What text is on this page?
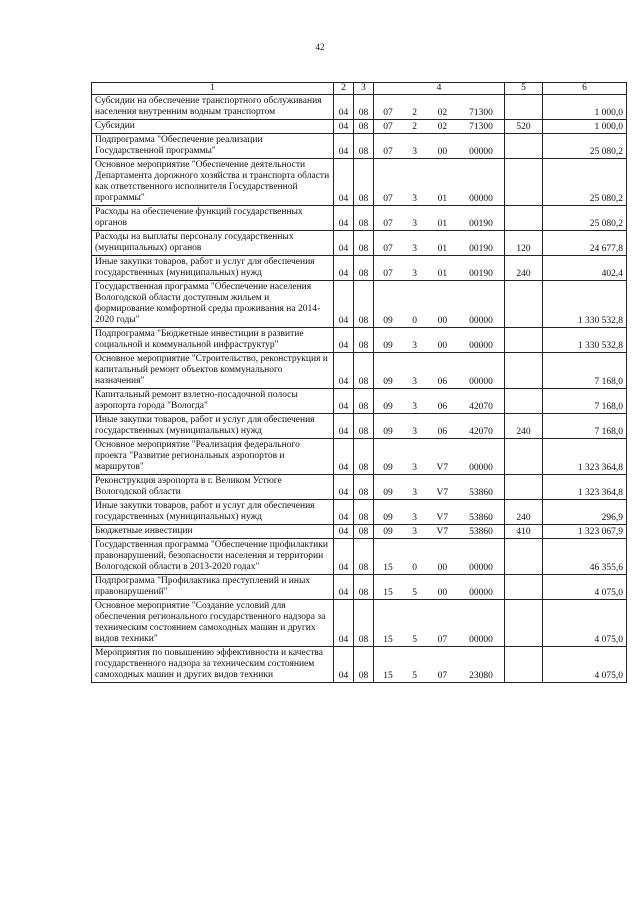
42
1	2	3	4	5	6
Субсидии на обеспечение транспортного обслуживания населения внутренним водным транспортом	04	08	07 2 02 71300		1 000,0
Субсидии	04	08	07 2 02 71300	520	1 000,0
Подпрограмма "Обеспечение реализации Государственной программы"	04	08	07 3 00 00000		25 080,2
Основное мероприятие "Обеспечение деятельности Департамента дорожного хозяйства и транспорта области как ответственного исполнителя Государственной программы"	04	08	07 3 01 00000		25 080,2
Расходы на обеспечение функций государственных органов	04	08	07 3 01 00190		25 080,2
Расходы на выплаты персоналу государственных (муниципальных) органов	04	08	07 3 01 00190	120	24 677,8
Иные закупки товаров, работ и услуг для обеспечения государственных (муниципальных) нужд	04	08	07 3 01 00190	240	402,4
Государственная программа "Обеспечение населения Вологодской области доступным жильем и формирование комфортной среды проживания на 2014-2020 годы"	04	08	09 0 00 00000		1 330 532,8
Подпрограмма "Бюджетные инвестиции в развитие социальной и коммунальной инфраструктур"	04	08	09 3 00 00000		1 330 532,8
Основное мероприятие "Строительство, реконструкция и капитальный ремонт объектов коммунального назначения"	04	08	09 3 06 00000		7 168,0
Капитальный ремонт взлетно-посадочной полосы аэропорта города "Вологда"	04	08	09 3 06 42070		7 168,0
Иные закупки товаров, работ и услуг для обеспечения государственных (муниципальных) нужд	04	08	09 3 06 42070	240	7 168,0
Основное мероприятие "Реализация федерального проекта "Развитие региональных аэропортов и маршрутов"	04	08	09 3 V7 00000		1 323 364,8
Реконструкция аэропорта в г. Великом Устюге Вологодской области	04	08	09 3 V7 53860		1 323 364,8
Иные закупки товаров, работ и услуг для обеспечения государственных (муниципальных) нужд	04	08	09 3 V7 53860	240	296,9
Бюджетные инвестиции	04	08	09 3 V7 53860	410	1 323 067,9
Государственная программа "Обеспечение профилактики правонарушений, безопасности населения и территории Вологодской области в 2013-2020 годах"	04	08	15 0 00 00000		46 355,6
Подпрограмма "Профилактика преступлений и иных правонарушений"	04	08	15 5 00 00000		4 075,0
Основное мероприятие "Создание условий для обеспечения регионального государственного надзора за техническим состоянием самоходных машин и других видов техники"	04	08	15 5 07 00000		4 075,0
Мероприятия по повышению эффективности и качества государственного надзора за техническим состоянием самоходных машин и других видов техники	04	08	15 5 07 23080		4 075,0
